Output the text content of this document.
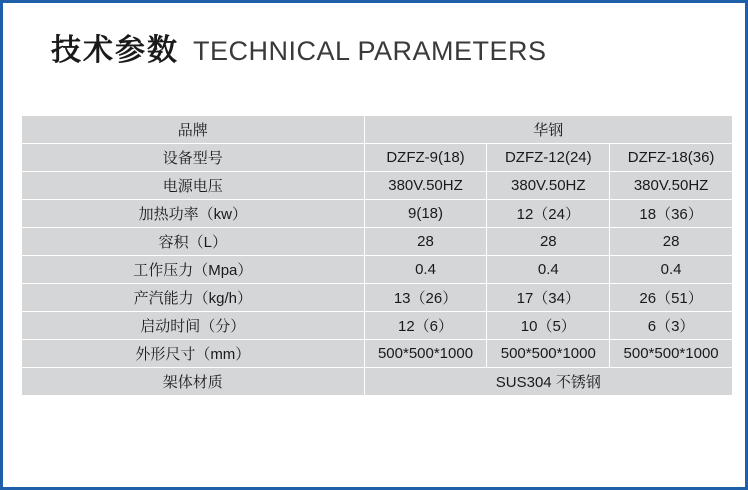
技术参数 TECHNICAL PARAMETERS
品牌	华钢		
设备型号	DZFZ-9(18)	DZFZ-12(24)	DZFZ-18(36)
电源电压	380V.50HZ	380V.50HZ	380V.50HZ
加热功率（kw）	9(18)	12（24）	18（36）
容积（L）	28	28	28
工作压力（Mpa）	0.4	0.4	0.4
产汽能力（kg/h）	13（26）	17（34）	26（51）
启动时间（分）	12（6）	10（5）	6（3）
外形尺寸（mm）	500*500*1000	500*500*1000	500*500*1000
架体材质	SUS304 不锈钢		
